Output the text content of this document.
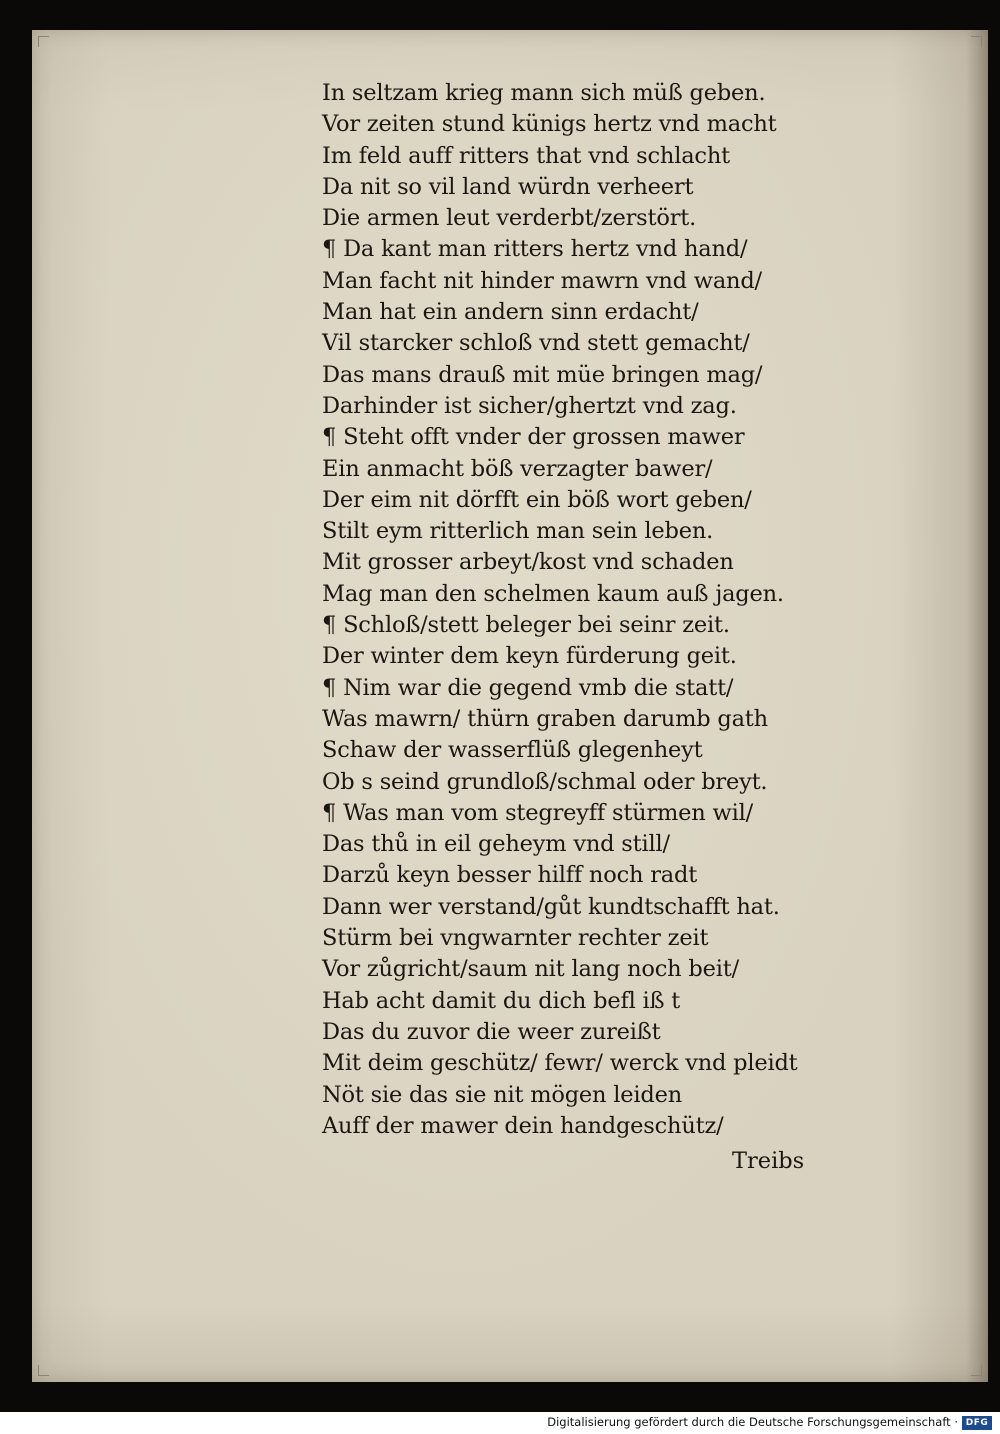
In seltzam krieg mann sich müß geben.
Vor zeiten stund künigs hertz vnd macht
Im feld auff ritters that vnd schlacht
Da nit so vil land würdn verheert
Die armen leut verderbt/zerstört.
¶ Da kant man ritters hertz vnd hand/
Man facht nit hinder mawrn vnd wand/
Man hat ein andern sinn erdacht/
Vil starcker schloß vnd stett gemacht/
Das mans drauß mit müe bringen mag/
Darhinder ist sicher/ghertzt vnd zag.
¶ Steht offt vnder der grossen mawer
Ein anmacht böß verzagter bawer/
Der eim nit dörfft ein böß wort geben/
Stilt eym ritterlich man sein leben.
Mit grosser arbeyt/kost vnd schaden
Mag man den schelmen kaum auß jagen.
¶ Schloß/stett beleger bei seinr zeit.
Der winter dem keyn fürderung geit.
¶ Nim war die gegend vmb die statt/
Was mawrn/ thürn graben darumb gath
Schaw der wasserflüß glegenheyt
Ob s seind grundloß/schmal oder breyt.
¶ Was man vom stegreyff stürmen wil/
Das thů in eil geheym vnd still/
Darzů keyn besser hilff noch radt
Dann wer verstand/gůt kundtschafft hat.
Stürm bei vngwarnter rechter zeit
Vor zůgricht/saum nit lang noch beit/
Hab acht damit du dich befl iß t
Das du zuvor die weer zureißt
Mit deim geschütz/ fewr/ werck vnd pleidt
Nöt sie das sie nit mögen leiden
Auff der mawer dein handgeschütz/
Treibs
Digitalisierung gefördert durch die Deutsche Forschungsgemeinschaft · DFG
